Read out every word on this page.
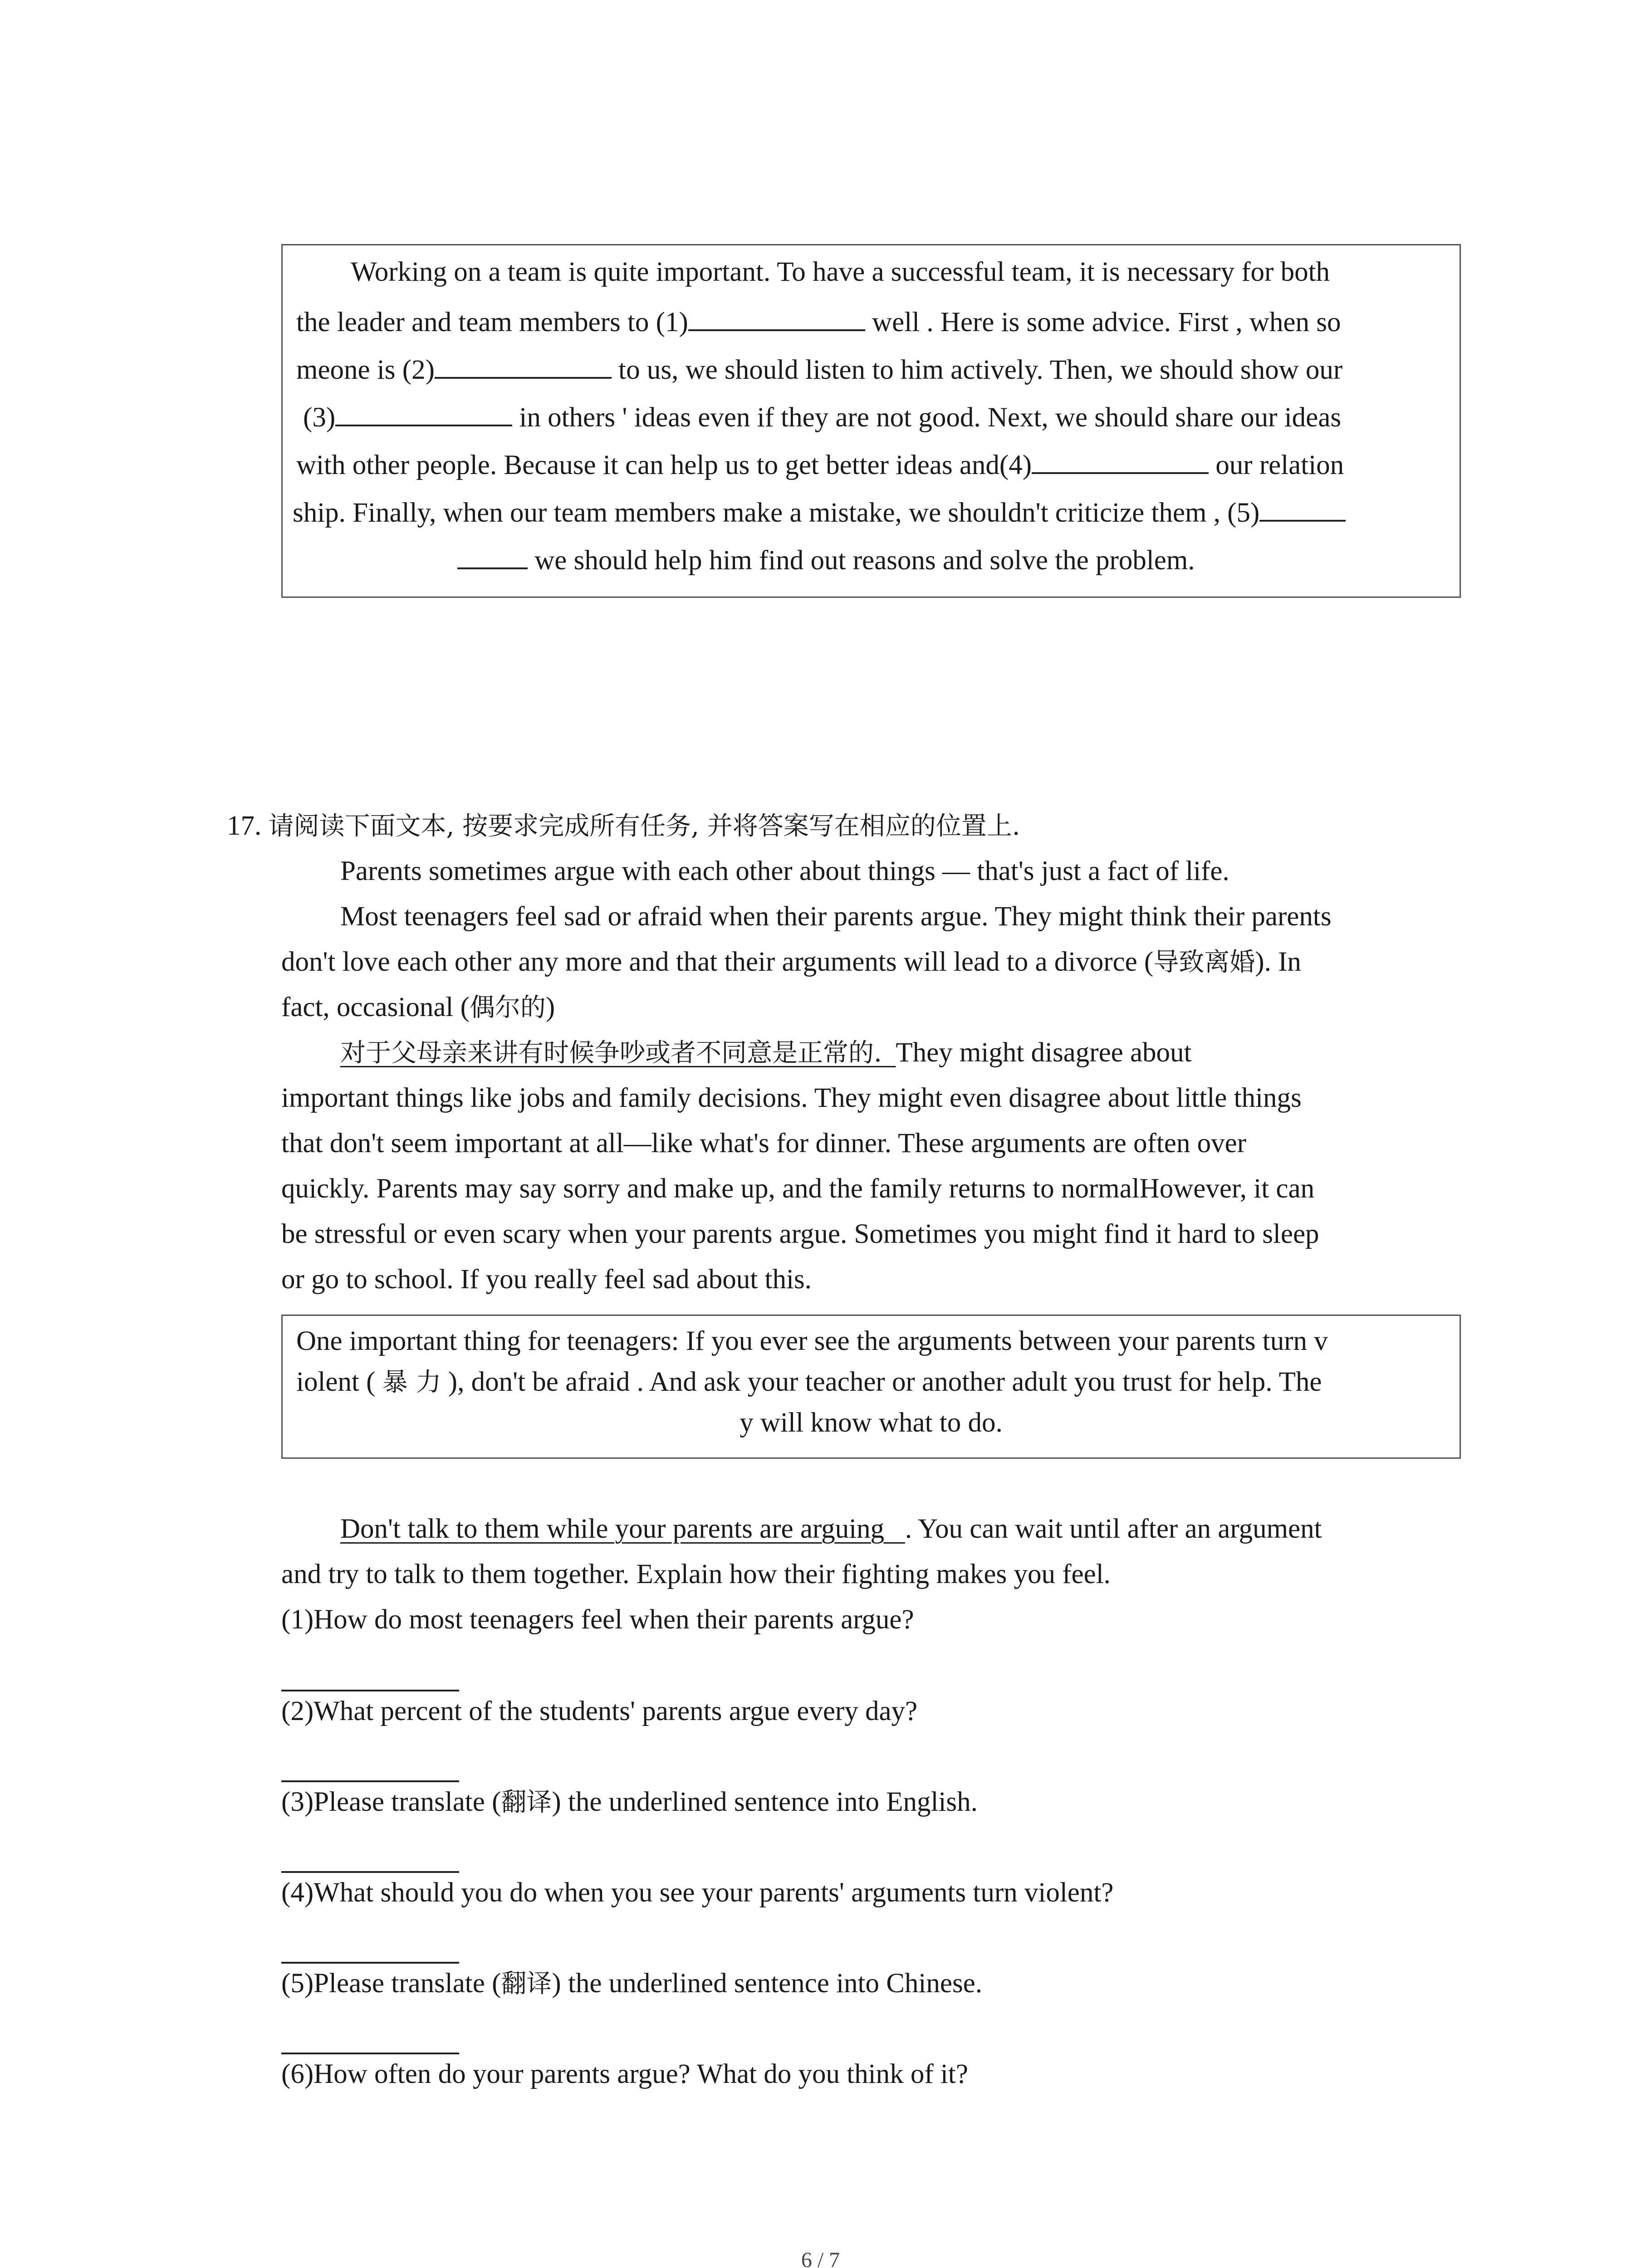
Working on a team is quite important. To have a successful team, it is necessary for both
the leader and team members to (1)	well . Here is some advice. First , when so
meone is (2)	to us, we should listen to him actively. Then, we should show our
(3)	in others ' ideas even if they are not good. Next, we should share our ideas
with other people. Because it can help us to get better ideas and(4)	our relation
ship. Finally, when our team members make a mistake, we shouldn't criticize them , (5)
we should help him find out reasons and solve the problem.
17. 请阅读下面文本, 按要求完成所有任务, 并将答案写在相应的位置上.
Parents sometimes argue with each other about things — that's just a fact of life.
Most teenagers feel sad or afraid when their parents argue. They might think their parents
don't love each other any more and that their arguments will lead to a divorce (导致离婚). In
fact, occasional (偶尔的)
对于父母亲来讲有时候争吵或者不同意是正常的. They might disagree about
important things like jobs and family decisions. They might even disagree about little things
that don't seem important at all—like what's for dinner. These arguments are often over
quickly. Parents may say sorry and make up, and the family returns to normalHowever, it can
be stressful or even scary when your parents argue. Sometimes you might find it hard to sleep
or go to school. If you really feel sad about this.
One important thing for teenagers: If you ever see the arguments between your parents turn v
iolent ( 暴 力 ), don't be afraid . And ask your teacher or another adult you trust for help. The
y will know what to do.
Don't talk to them while your parents are arguing   . You can wait until after an argument
and try to talk to them together. Explain how their fighting makes you feel.
(1)How do most teenagers feel when their parents argue?
(2)What percent of the students' parents argue every day?
(3)Please translate (翻译) the underlined sentence into English.
(4)What should you do when you see your parents' arguments turn violent?
(5)Please translate (翻译) the underlined sentence into Chinese.
(6)How often do your parents argue? What do you think of it?
6 / 7
